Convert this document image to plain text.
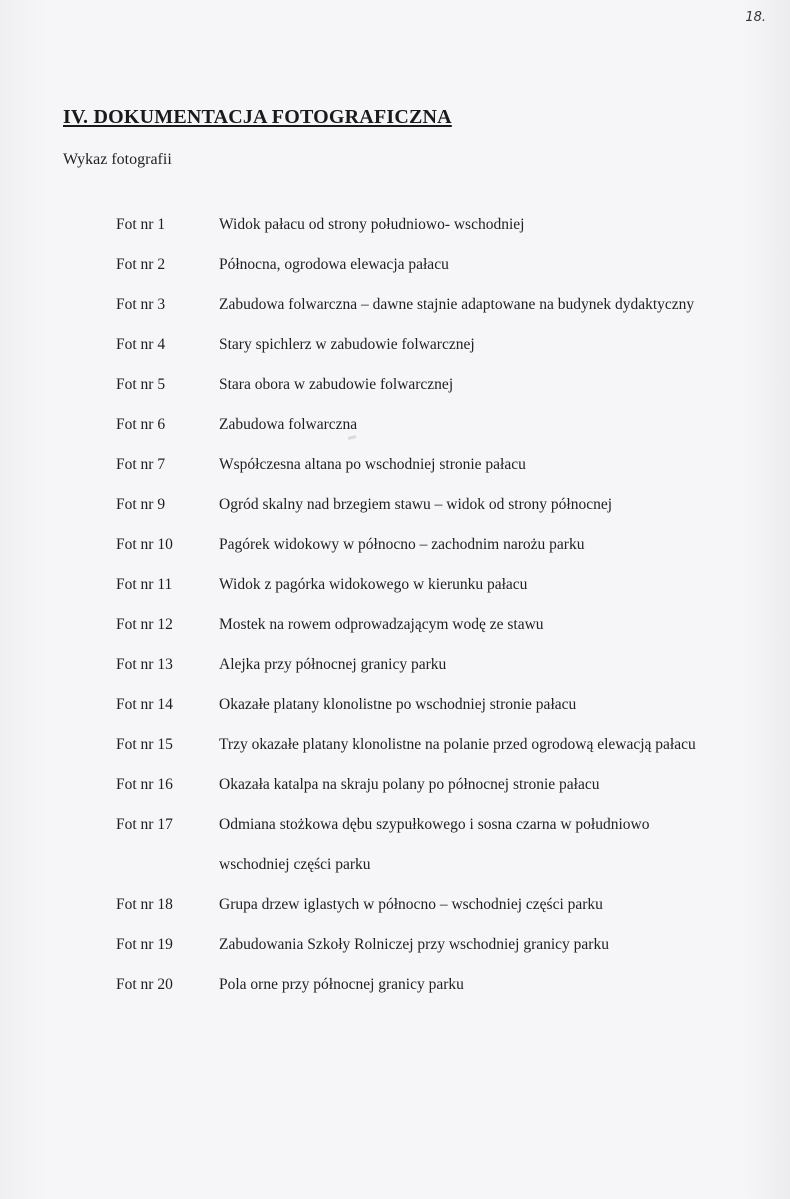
18.
IV. DOKUMENTACJA FOTOGRAFICZNA
Wykaz fotografii
Fot nr 1	Widok pałacu od strony południowo- wschodniej
Fot nr 2	Północna, ogrodowa elewacja pałacu
Fot nr 3	Zabudowa folwarczna – dawne stajnie adaptowane na budynek dydaktyczny
Fot nr 4	Stary spichlerz w zabudowie folwarcznej
Fot nr 5	Stara obora w zabudowie folwarcznej
Fot nr 6	Zabudowa folwarczna
Fot nr 7	Współczesna altana po wschodniej stronie pałacu
Fot nr 9	Ogród skalny nad brzegiem stawu – widok od strony północnej
Fot nr 10	Pagórek widokowy w północno – zachodnim narożu parku
Fot nr 11	Widok z pagórka widokowego w kierunku pałacu
Fot nr 12	Mostek na rowem odprowadzającym wodę ze stawu
Fot nr 13	Alejka przy północnej granicy parku
Fot nr 14	Okazałe platany klonolistne po wschodniej stronie pałacu
Fot nr 15	Trzy okazałe platany klonolistne na polanie przed ogrodową elewacją pałacu
Fot nr 16	Okazała katalpa na skraju polany po północnej stronie pałacu
Fot nr 17	Odmiana stożkowa dębu szypułkowego i sosna czarna w południowo wschodniej części parku
Fot nr 18	Grupa drzew iglastych w północno – wschodniej części parku
Fot nr 19	Zabudowania Szkoły Rolniczej przy wschodniej granicy parku
Fot nr 20	Pola orne przy północnej granicy parku
